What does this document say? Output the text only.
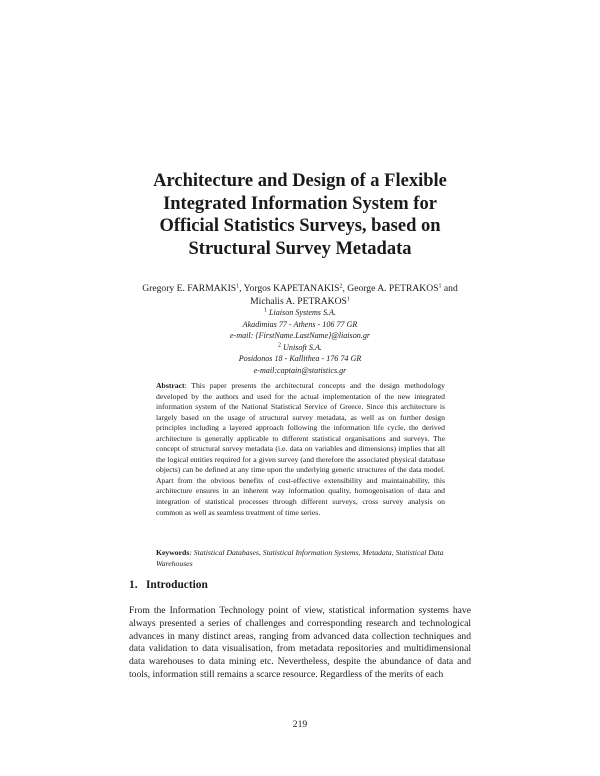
Architecture and Design of a Flexible
Integrated Information System for
Official Statistics Surveys, based on
Structural Survey Metadata
Gregory E. FARMAKIS$^1$, Yorgos KAPETANAKIS$^2$, George A. PETRAKOS$^1$ and
Michalis A. PETRAKOS$^1$
$^1$ Liaison Systems S.A.
Akadimias 77 - Athens - 106 77 GR
e-mail: {FirstName.LastName}@liaison.gr
$^2$ Unisoft S.A.
Posidonos 18 - Kallithea - 176 74 GR
e-mail:captain@statistics.gr
Abstract: This paper presents the architectural concepts and the design methodology developed by the authors and used for the actual implementation of the new integrated information system of the National Statistical Service of Greece. Since this architecture is largely based on the usage of structural survey metadata, as well as on further design principles including a layered approach following the information life cycle, the derived architecture is generally applicable to different statistical organisations and surveys. The concept of structural survey metadata (i.e. data on variables and dimensions) implies that all the logical entities required for a given survey (and therefore the associated physical database objects) can be defined at any time upon the underlying generic structures of the data model. Apart from the obvious benefits of cost-effective extensibility and maintainability, this architecture ensures in an inherent way information quality, homogenisation of data and integration of statistical processes through different surveys, cross survey analysis on common as well as seamless treatment of time series.
Keywords: Statistical Databases, Statistical Information Systems, Metadata, Statistical Data Warehouses
1. Introduction
From the Information Technology point of view, statistical information systems have always presented a series of challenges and corresponding research and technological advances in many distinct areas, ranging from advanced data collection techniques and data validation to data visualisation, from metadata repositories and multidimensional data warehouses to data mining etc. Nevertheless, despite the abundance of data and tools, information still remains a scarce resource. Regardless of the merits of each
219
